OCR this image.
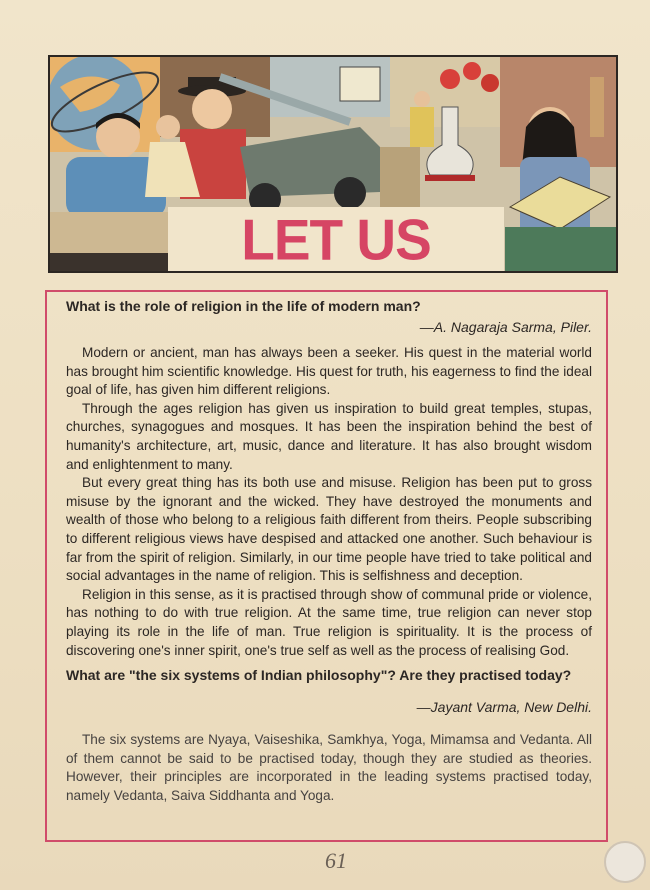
LET US

What is the role of religion in the life of modern man?

—A. Nagaraja Sarma, Piler.

Modern or ancient, man has always been a seeker. His quest in the material world has brought him scientific knowledge. His quest for truth, his eagerness to find the ideal goal of life, has given him different religions.

Through the ages religion has given us inspiration to build great temples, stupas, churches, synagogues and mosques. It has been the inspiration behind the best of humanity's architecture, art, music, dance and literature. It has also brought wisdom and enlightenment to many.

But every great thing has its both use and misuse. Religion has been put to gross misuse by the ignorant and the wicked. They have destroyed the monuments and wealth of those who belong to a religious faith different from theirs. People subscribing to different religious views have despised and attacked one another. Such behaviour is far from the spirit of religion. Similarly, in our time people have tried to take political and social advantages in the name of religion. This is selfishness and deception.

Religion in this sense, as it is practised through show of communal pride or violence, has nothing to do with true religion. At the same time, true religion can never stop playing its role in the life of man. True religion is spirituality. It is the process of discovering one's inner spirit, one's true self as well as the process of realising God.

What are "the six systems of Indian philosophy"? Are they practised today?

—Jayant Varma, New Delhi.

The six systems are Nyaya, Vaiseshika, Samkhya, Yoga, Mimamsa and Vedanta. All of them cannot be said to be practised today, though they are studied as theories. However, their principles are incorporated in the leading systems practised today, namely Vedanta, Saiva Siddhanta and Yoga.

61
